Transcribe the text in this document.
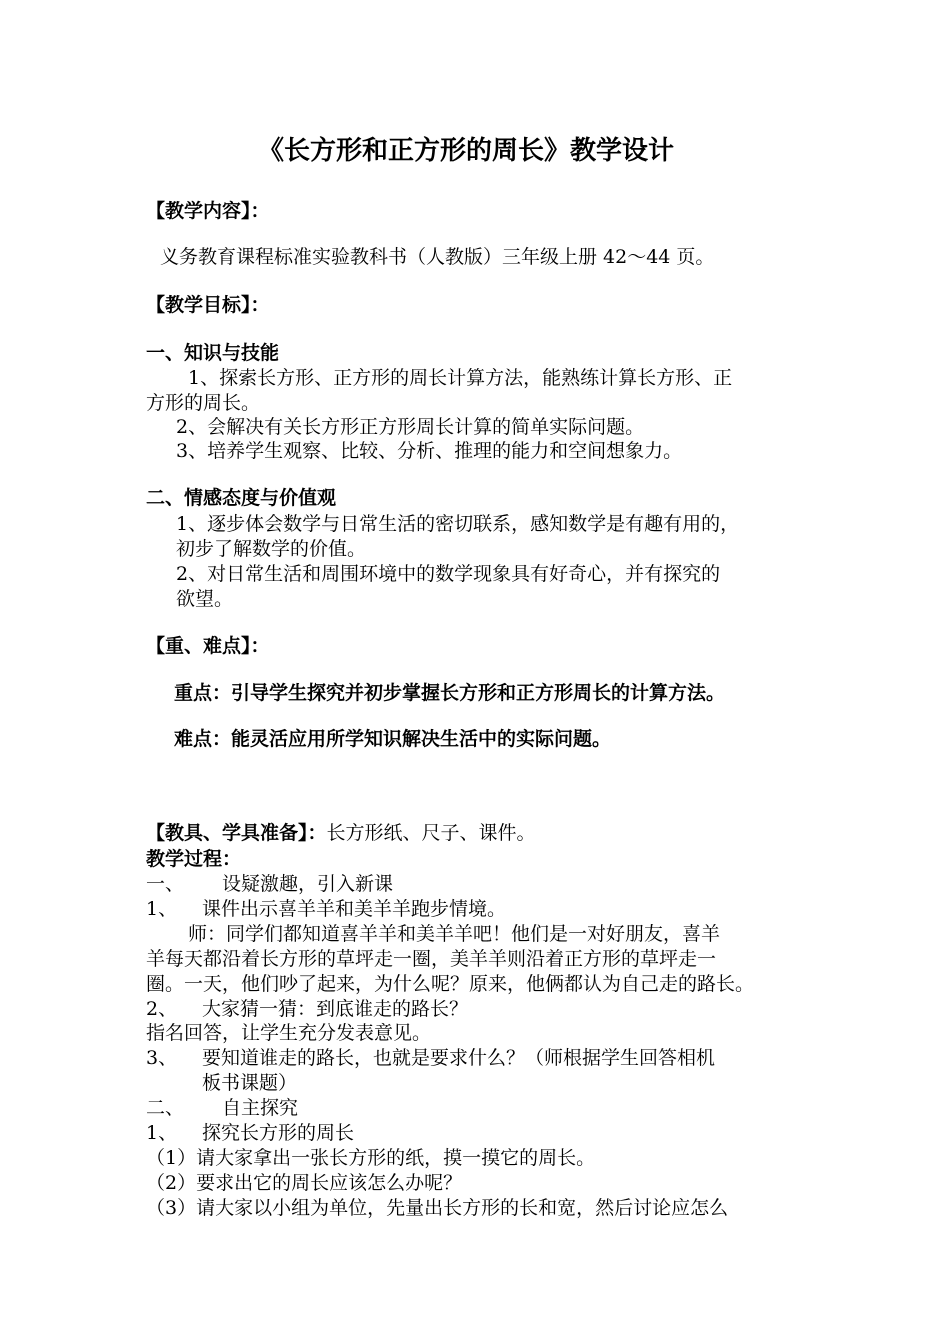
《长方形和正方形的周长》教学设计
【教学内容】：
义务教育课程标准实验教科书（人教版）三年级上册 42～44 页。
【教学目标】：
一、知识与技能
1、探索长方形、正方形的周长计算方法，能熟练计算长方形、正
方形的周长。
2、会解决有关长方形正方形周长计算的简单实际问题。
3、培养学生观察、比较、分析、推理的能力和空间想象力。
二、情感态度与价值观
1、逐步体会数学与日常生活的密切联系，感知数学是有趣有用的，
初步了解数学的价值。
2、对日常生活和周围环境中的数学现象具有好奇心，并有探究的
欲望。
【重、难点】：
重点：引导学生探究并初步掌握长方形和正方形周长的计算方法。
难点：能灵活应用所学知识解决生活中的实际问题。
【教具、学具准备】：长方形纸、尺子、课件。
教学过程：
一、 设疑激趣，引入新课
1、 课件出示喜羊羊和美羊羊跑步情境。
师：同学们都知道喜羊羊和美羊羊吧！他们是一对好朋友，喜羊
羊每天都沿着长方形的草坪走一圈，美羊羊则沿着正方形的草坪走一
圈。一天，他们吵了起来，为什么呢？原来，他俩都认为自己走的路长。
2、 大家猜一猜：到底谁走的路长？
指名回答，让学生充分发表意见。
3、 要知道谁走的路长，也就是要求什么？（师根据学生回答相机
板书课题）
二、 自主探究
1、 探究长方形的周长
（1）请大家拿出一张长方形的纸，摸一摸它的周长。
（2）要求出它的周长应该怎么办呢？
（3）请大家以小组为单位，先量出长方形的长和宽，然后讨论应怎么
